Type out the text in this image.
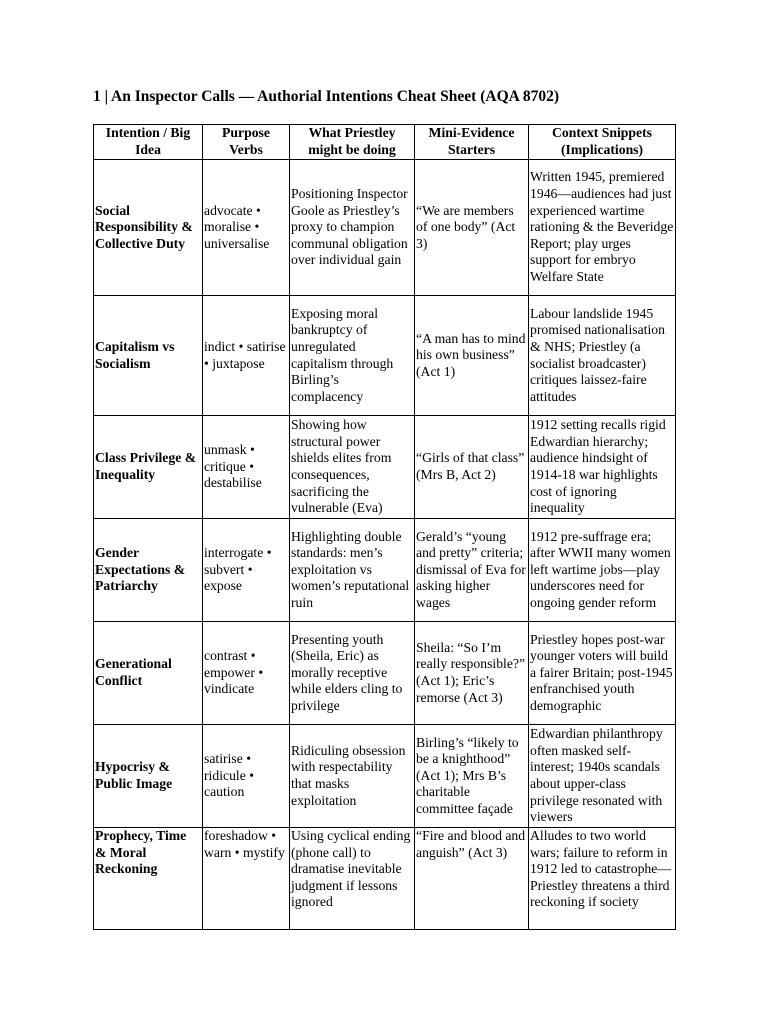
1 | An Inspector Calls — Authorial Intentions Cheat Sheet (AQA 8702)
Intention / Big Idea	Purpose Verbs	What Priestley might be doing	Mini-Evidence Starters	Context Snippets (Implications)
Social Responsibility & Collective Duty	advocate • moralise • universalise	Positioning Inspector Goole as Priestley’s proxy to champion communal obligation over individual gain	“We are members of one body” (Act 3)	Written 1945, premiered 1946—audiences had just experienced wartime rationing & the Beveridge Report; play urges support for embryo Welfare State
Capitalism vs Socialism	indict • satirise • juxtapose	Exposing moral bankruptcy of unregulated capitalism through Birling’s complacency	“A man has to mind his own business” (Act 1)	Labour landslide 1945 promised nationalisation & NHS; Priestley (a socialist broadcaster) critiques laissez-faire attitudes
Class Privilege & Inequality	unmask • critique • destabilise	Showing how structural power shields elites from consequences, sacrificing the vulnerable (Eva)	“Girls of that class” (Mrs B, Act 2)	1912 setting recalls rigid Edwardian hierarchy; audience hindsight of 1914-18 war highlights cost of ignoring inequality
Gender Expectations & Patriarchy	interrogate • subvert • expose	Highlighting double standards: men’s exploitation vs women’s reputational ruin	Gerald’s “young and pretty” criteria; dismissal of Eva for asking higher wages	1912 pre-suffrage era; after WWII many women left wartime jobs—play underscores need for ongoing gender reform
Generational Conflict	contrast • empower • vindicate	Presenting youth (Sheila, Eric) as morally receptive while elders cling to privilege	Sheila: “So I’m really responsible?” (Act 1); Eric’s remorse (Act 3)	Priestley hopes post-war younger voters will build a fairer Britain; post-1945 enfranchised youth demographic
Hypocrisy & Public Image	satirise • ridicule • caution	Ridiculing obsession with respectability that masks exploitation	Birling’s “likely to be a knighthood” (Act 1); Mrs B’s charitable committee façade	Edwardian philanthropy often masked self-interest; 1940s scandals about upper-class privilege resonated with viewers
Prophecy, Time & Moral Reckoning	foreshadow • warn • mystify	Using cyclical ending (phone call) to dramatise inevitable judgment if lessons ignored	“Fire and blood and anguish” (Act 3)	Alludes to two world wars; failure to reform in 1912 led to catastrophe—Priestley threatens a third reckoning if society
